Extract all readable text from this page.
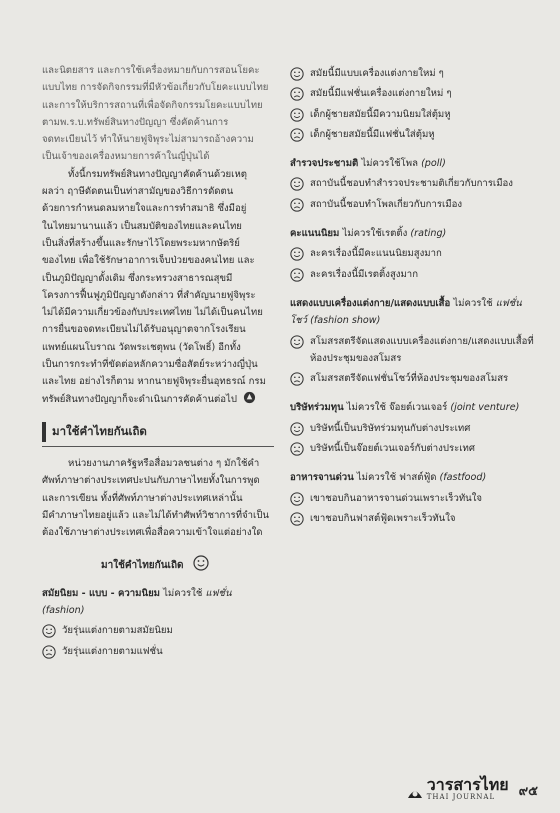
และนิตยสาร และการใช้เครื่องหมายกับการสอนโยคะ
แบบไทย การจัดกิจกรรมที่มีหัวข้อเกี่ยวกับโยคะแบบไทย
และการให้บริการสถานที่เพื่อจัดกิจกรรมโยคะแบบไทย
ตามพ.ร.บ.ทรัพย์สินทางปัญญา ซึ่งคัดค้านการ
จดทะเบียนไว้ ทำให้นายฟูจิพุระไม่สามารถอ้างความ
เป็นเจ้าของเครื่องหมายการค้าในญี่ปุ่นได้
ทั้งนี้กรมทรัพย์สินทางปัญญาคัดค้านด้วยเหตุ
ผลว่า ฤาษีดัดตนเป็นท่าสามัญของวิธีการดัดตน
ด้วยการกำหนดลมหายใจและการทำสมาธิ ซึ่งมีอยู่
ในไทยมานานแล้ว เป็นสมบัติของไทยและคนไทย
เป็นสิ่งที่สร้างขึ้นและรักษาไว้โดยพระมหากษัตริย์
ของไทย เพื่อใช้รักษาอาการเจ็บป่วยของคนไทย และ
เป็นภูมิปัญญาดั้งเดิม ซึ่งกระทรวงสาธารณสุขมี
โครงการฟื้นฟูภูมิปัญญาดังกล่าว ที่สำคัญนายฟูจิพุระ
ไม่ได้มีความเกี่ยวข้องกับประเทศไทย ไม่ได้เป็นคนไทย
การยื่นขอจดทะเบียนไม่ได้รับอนุญาตจากโรงเรียน
แพทย์แผนโบราณ วัดพระเชตุพน (วัดโพธิ์) อีกทั้ง
เป็นการกระทำที่ขัดต่อหลักความซื่อสัตย์ระหว่างญี่ปุ่น
และไทย อย่างไรก็ตาม หากนายฟูจิพุระยื่นอุทธรณ์ กรม
ทรัพย์สินทางปัญญาก็จะดำเนินการคัดค้านต่อไป
มาใช้คำไทยกันเถิด
หน่วยงานภาครัฐหรือสื่อมวลชนต่าง ๆ มักใช้คำ
ศัพท์ภาษาต่างประเทศปะปนกับภาษาไทยทั้งในการพูด
และการเขียน ทั้งที่ศัพท์ภาษาต่างประเทศเหล่านั้น
มีคำภาษาไทยอยู่แล้ว และไม่ได้ทำศัพท์วิชาการที่จำเป็น
ต้องใช้ภาษาต่างประเทศเพื่อสื่อความเข้าใจแต่อย่างใด
มาใช้คำไทยกันเถิด
สมัยนิยม - แบบ - ความนิยม ไม่ควรใช้ แฟชั่น (fashion)
วัยรุ่นแต่งกายตามสมัยนิยม
วัยรุ่นแต่งกายตามแฟชั่น
สมัยนี้มีแบบเครื่องแต่งกายใหม่ ๆ
สมัยนี้มีแฟชั่นเครื่องแต่งกายใหม่ ๆ
เด็กผู้ชายสมัยนี้มีความนิยมใส่ตุ้มหู
เด็กผู้ชายสมัยนี้มีแฟชั่นใส่ตุ้มหู
สำรวจประชามติ ไม่ควรใช้โพล (poll)
สถาบันนี้ชอบทำสำรวจประชามติเกี่ยวกับการเมือง
สถาบันนี้ชอบทำโพลเกี่ยวกับการเมือง
คะแนนนิยม ไม่ควรใช้เรตติ้ง (rating)
ละครเรื่องนี้มีคะแนนนิยมสูงมาก
ละครเรื่องนี้มีเรตติ้งสูงมาก
แสดงแบบเครื่องแต่งกาย/แสดงแบบเสื้อ ไม่ควรใช้ แฟชั่นโชว์ (fashion show)
สโมสรสตรีจัดแสดงแบบเครื่องแต่งกาย/แสดงแบบเสื้อที่ห้องประชุมของสโมสร
สโมสรสตรีจัดแฟชั่นโชว์ที่ห้องประชุมของสโมสร
บริษัทร่วมทุน ไม่ควรใช้ จ๊อยต์เวนเจอร์ (joint venture)
บริษัทนี้เป็นบริษัทร่วมทุนกับต่างประเทศ
บริษัทนี้เป็นจ๊อยต์เวนเจอร์กับต่างประเทศ
อาหารจานด่วน ไม่ควรใช้ ฟาสต์ฟู้ด (fastfood)
เขาชอบกินอาหารจานด่วนเพราะเร็วทันใจ
เขาชอบกินฟาสต์ฟู้ดเพราะเร็วทันใจ
วารสารไทย
THAI JOURNAL	๙๕
